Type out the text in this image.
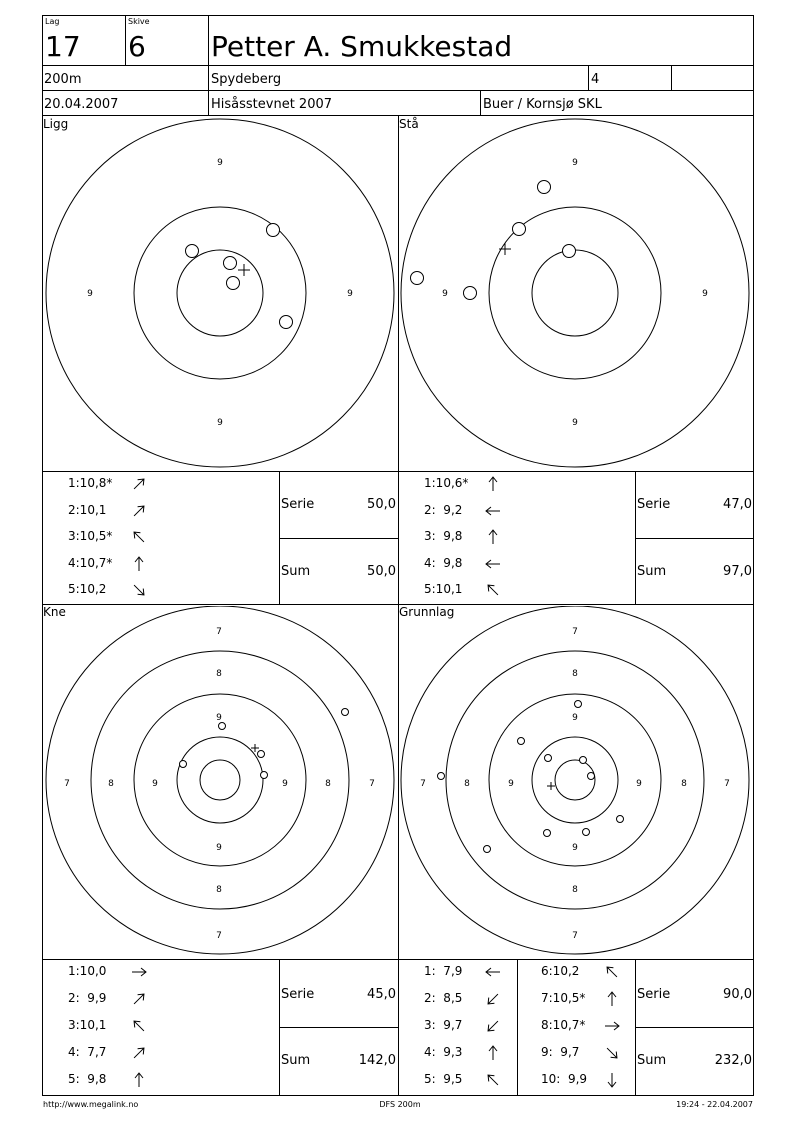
Lag
17
Skive
6 Petter A. Smukkestad
200m	Spydeberg	4
20.04.2007	Hisåsstevnet 2007	Buer / Kornsjø SKL
Ligg	Stå
Kne	Grunnlag
9
9	9
9
9
9	9
9
7
8
9
9
8
7
7	8	9	9	8	7
7
8
9
9
8
7
7	8	9	9	8	7
1:10,8*
2:10,1
3:10,5*
4:10,7*
5:10,2
1:10,6*
2:  9,2
3:  9,8
4:  9,8
5:10,1
1:10,0
2:  9,9
3:10,1
4:  7,7
5:  9,8
1:  7,9
2:  8,5
3:  9,7
4:  9,3
5:  9,5
6:10,2
7:10,5*
8:10,7*
9:  9,7
10:  9,9
Serie	50,0
Sum	50,0
Serie	47,0
Sum	97,0
Serie	45,0
Sum	142,0
Serie	90,0
Sum	232,0
http://www.megalink.no	DFS 200m	19:24 - 22.04.2007
